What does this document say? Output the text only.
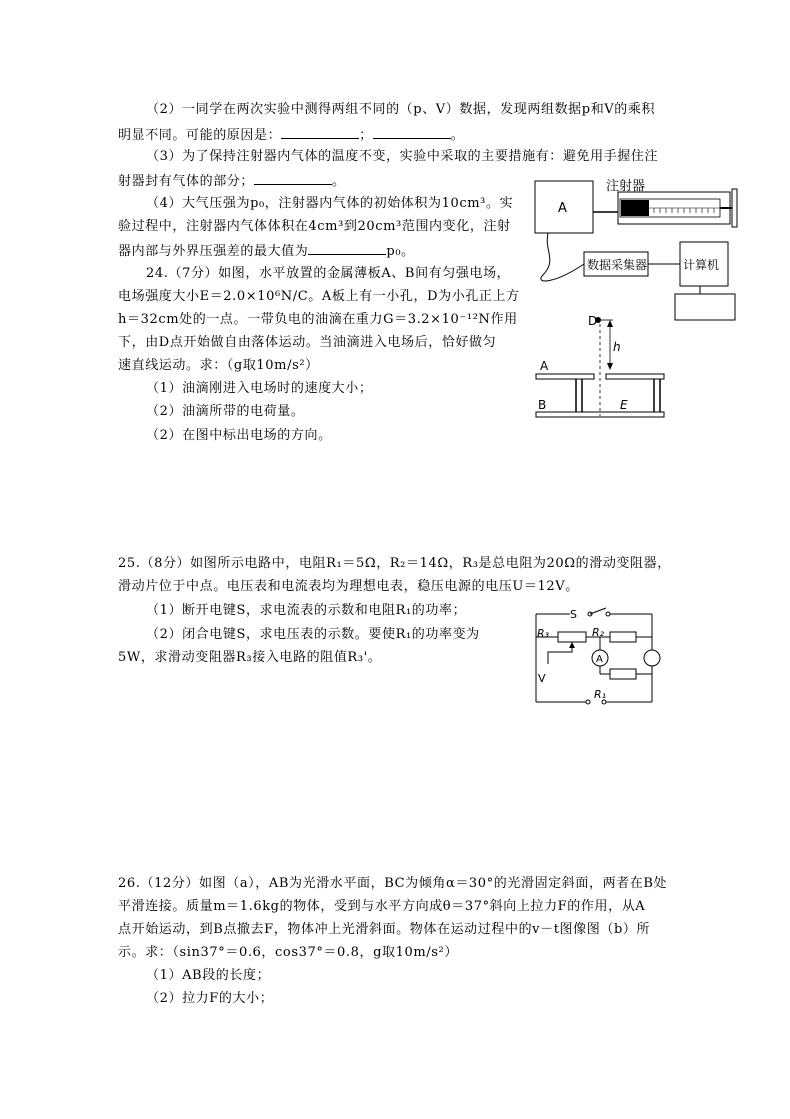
（2）一同学在两次实验中测得两组不同的（p、V）数据，发现两组数据p和V的乘积
明显不同。可能的原因是：	；	。
（3）为了保持注射器内气体的温度不变，实验中采取的主要措施有：避免用手握住注
射器封有气体的部分；	。
（4）大气压强为p₀，注射器内气体的初始体积为10cm³。实
验过程中，注射器内气体体积在4cm³到20cm³范围内变化，注射
器内部与外界压强差的最大值为	p₀。
24.（7分）如图，水平放置的金属薄板A、B间有匀强电场，
电场强度大小E＝2.0×10⁶N/C。A板上有一小孔，D为小孔正上方
h＝32cm处的一点。一带负电的油滴在重力G＝3.2×10⁻¹²N作用
下，由D点开始做自由落体运动。当油滴进入电场后，恰好做匀
速直线运动。求：（g取10m/s²）
（1）油滴刚进入电场时的速度大小；
（2）油滴所带的电荷量。
（2）在图中标出电场的方向。
25.（8分）如图所示电路中，电阻R₁＝5Ω，R₂＝14Ω，R₃是总电阻为20Ω的滑动变阻器，
滑动片位于中点。电压表和电流表均为理想电表，稳压电源的电压U＝12V。
（1）断开电键S，求电流表的示数和电阻R₁的功率；
（2）闭合电键S，求电压表的示数。要使R₁的功率变为
5W，求滑动变阻器R₃接入电路的阻值R₃'。
26.（12分）如图（a），AB为光滑水平面，BC为倾角α＝30°的光滑固定斜面，两者在B处
平滑连接。质量m＝1.6kg的物体，受到与水平方向成θ＝37°斜向上拉力F的作用，从A
点开始运动，到B点撤去F，物体冲上光滑斜面。物体在运动过程中的v－t图像图（b）所
示。求：（sin37°＝0.6，cos37°＝0.8，g取10m/s²）
（1）AB段的长度；
（2）拉力F的大小；
A
注射器
数据采集器	计算机
D
h
A
B	E
S
R₃	R₂
A
V
R₁
